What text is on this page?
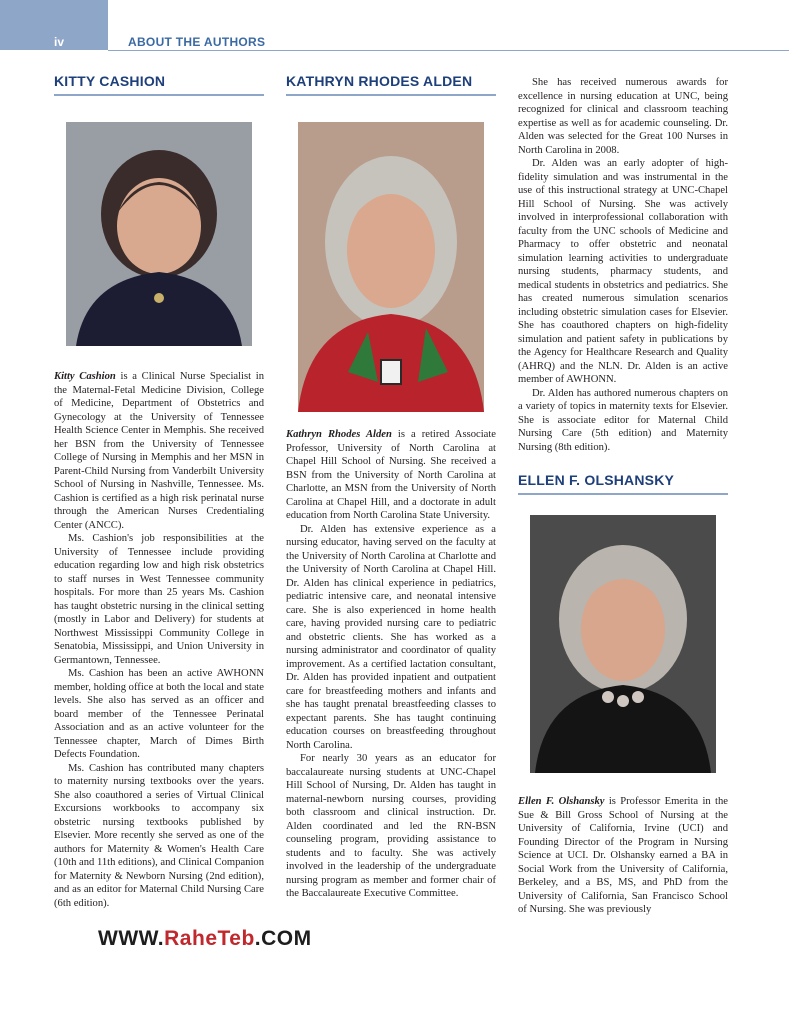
iv	ABOUT THE AUTHORS
KITTY CASHION

Kitty Cashion is a Clinical Nurse Specialist in the Maternal-Fetal Medicine Division, College of Medicine, Department of Obstetrics and Gynecology at the University of Tennessee Health Science Center in Memphis. She received her BSN from the University of Tennessee College of Nursing in Memphis and her MSN in Parent-Child Nursing from Vanderbilt University School of Nursing in Nashville, Tennessee. Ms. Cashion is certified as a high risk perinatal nurse through the American Nurses Credentialing Center (ANCC).

Ms. Cashion's job responsibilities at the University of Tennessee include providing education regarding low and high risk obstetrics to staff nurses in West Tennessee community hospitals. For more than 25 years Ms. Cashion has taught obstetric nursing in the clinical setting (mostly in Labor and Delivery) for students at Northwest Mississippi Community College in Senatobia, Mississippi, and Union University in Germantown, Tennessee.

Ms. Cashion has been an active AWHONN member, holding office at both the local and state levels. She also has served as an officer and board member of the Tennessee Perinatal Association and as an active volunteer for the Tennessee chapter, March of Dimes Birth Defects Foundation.

Ms. Cashion has contributed many chapters to maternity nursing textbooks over the years. She also coauthored a series of Virtual Clinical Excursions workbooks to accompany six obstetric nursing textbooks published by Elsevier. More recently she served as one of the authors for Maternity & Women's Health Care (10th and 11th editions), and Clinical Companion for Maternity & Newborn Nursing (2nd edition), and as an editor for Maternal Child Nursing Care (6th edition).

KATHRYN RHODES ALDEN

Kathryn Rhodes Alden is a retired Associate Professor, University of North Carolina at Chapel Hill School of Nursing. She received a BSN from the University of North Carolina at Charlotte, an MSN from the University of North Carolina at Chapel Hill, and a doctorate in adult education from North Carolina State University.

Dr. Alden has extensive experience as a nursing educator, having served on the faculty at the University of North Carolina at Charlotte and the University of North Carolina at Chapel Hill. Dr. Alden has clinical experience in pediatrics, pediatric intensive care, and neonatal intensive care. She is also experienced in home health care, having provided nursing care to pediatric and obstetric clients. She has worked as a nursing administrator and coordinator of quality improvement. As a certified lactation consultant, Dr. Alden has provided inpatient and outpatient care for breastfeeding mothers and infants and she has taught prenatal breastfeeding classes to expectant parents. She has taught continuing education courses on breastfeeding throughout North Carolina.

For nearly 30 years as an educator for baccalaureate nursing students at UNC-Chapel Hill School of Nursing, Dr. Alden has taught in maternal-newborn nursing courses, providing both classroom and clinical instruction. Dr. Alden coordinated and led the RN-BSN counseling program, providing assistance to students and to faculty. She was actively involved in the leadership of the undergraduate nursing program as member and former chair of the Baccalaureate Executive Committee.

She has received numerous awards for excellence in nursing education at UNC, being recognized for clinical and classroom teaching expertise as well as for academic counseling. Dr. Alden was selected for the Great 100 Nurses in North Carolina in 2008.

Dr. Alden was an early adopter of high-fidelity simulation and was instrumental in the use of this instructional strategy at UNC-Chapel Hill School of Nursing. She was actively involved in interprofessional collaboration with faculty from the UNC schools of Medicine and Pharmacy to offer obstetric and neonatal simulation learning activities to undergraduate nursing students, pharmacy students, and medical students in obstetrics and pediatrics. She has created numerous simulation scenarios including obstetric simulation cases for Elsevier. She has coauthored chapters on high-fidelity simulation and patient safety in publications by the Agency for Healthcare Research and Quality (AHRQ) and the NLN. Dr. Alden is an active member of AWHONN.

Dr. Alden has authored numerous chapters on a variety of topics in maternity texts for Elsevier. She is associate editor for Maternal Child Nursing Care (5th edition) and Maternity Nursing (8th edition).

ELLEN F. OLSHANSKY

Ellen F. Olshansky is Professor Emerita in the Sue & Bill Gross School of Nursing at the University of California, Irvine (UCI) and Founding Director of the Program in Nursing Science at UCI. Dr. Olshansky earned a BA in Social Work from the University of California, Berkeley, and a BS, MS, and PhD from the University of California, San Francisco School of Nursing. She was previously

WWW.RaheTeb.COM
